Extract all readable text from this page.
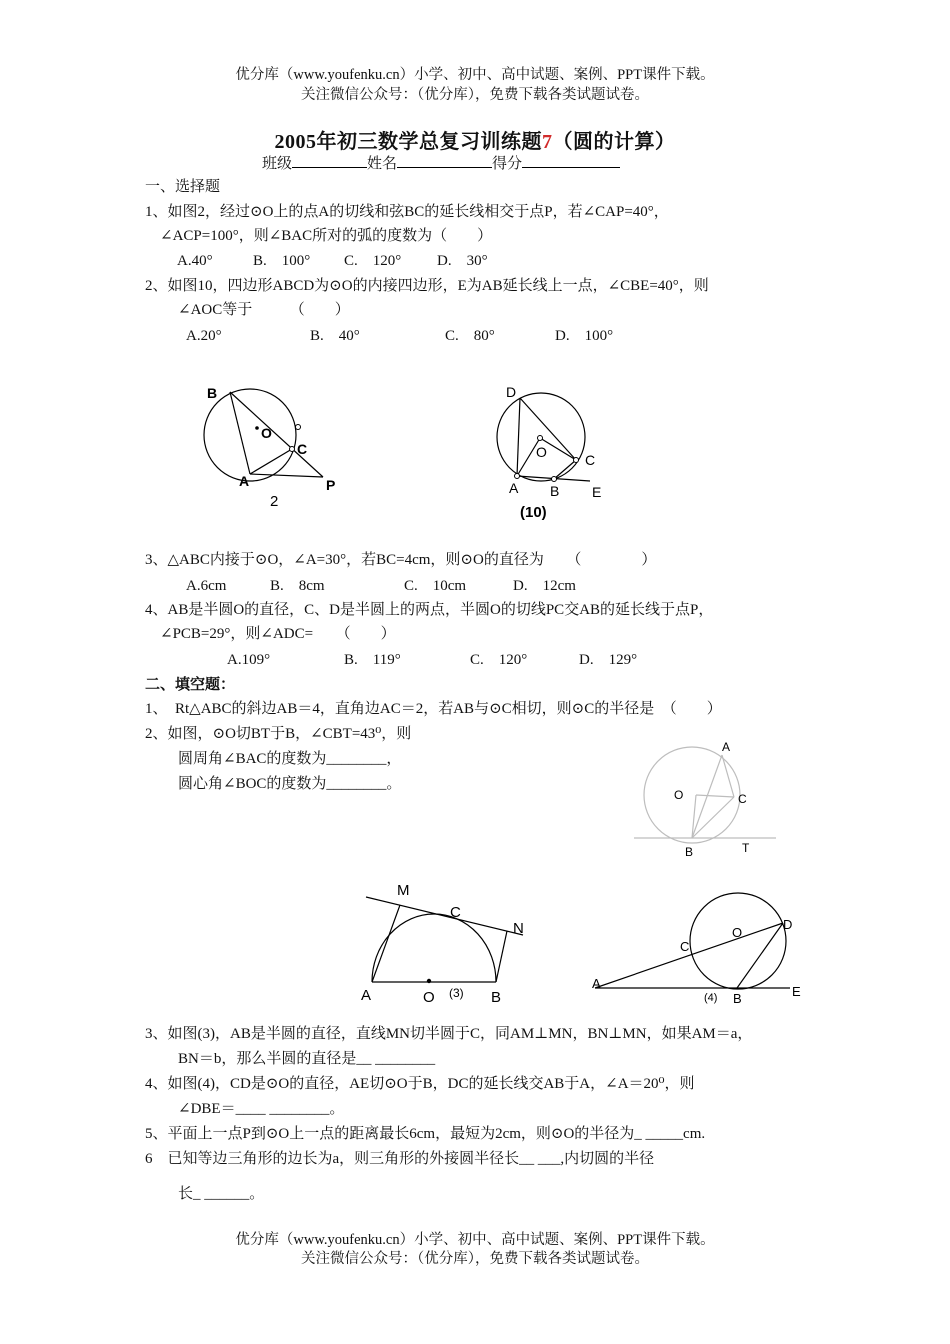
优分库（www.youfenku.cn）小学、初中、高中试题、案例、PPT课件下载。
关注微信公众号：（优分库），免费下载各类试题试卷。
2005年初三数学总复习训练题7（圆的计算）
班级	姓名	得分
一、选择题
1、如图2，经过⊙O上的点A的切线和弦BC的延长线相交于点P，若∠CAP=40°，
∠ACP=100°，则∠BAC所对的弧的度数为（　　）
A.40°	B.　100° C.　120° D.　30°
2、如图10，四边形ABCD为⊙O的内接四边形，E为AB延长线上一点，∠CBE=40°，则
∠AOC等于　　　（　　）
A.20°	B.　40°	C.　80°	D.　100°
B
O
C
A	P
2
D
O	C
A B E
(10)
3、△ABC内接于⊙O，∠A=30°，若BC=4cm，则⊙O的直径为　　（　　　　）
A.6cm	B.　8cm	C.　10cm	D.　12cm
4、AB是半圆O的直径，C、D是半圆上的两点，半圆O的切线PC交AB的延长线于点P，
∠PCB=29°，则∠ADC=　　（　　）
A.109°	B.　119°	C.　120°	D.　129°
二、填空题：
1、　Rt△ABC的斜边AB＝4，直角边AC＝2，若AB与⊙C相切，则⊙C的半径是　（　　）
2、如图，⊙O切BT于B，∠CBT=43⁰，则
圆周角∠BAC的度数为________，
圆心角∠BOC的度数为________。
A
O	C
B	T
M
C
N
A	O (3) B
O
D
C
A
(4) B	E
3、如图(3)，AB是半圆的直径，直线MN切半圆于C，同AM⊥MN，BN⊥MN，如果AM＝a，
BN＝b，那么半圆的直径是__ ________
4、如图(4)，CD是⊙O的直径，AE切⊙O于B，DC的延长线交AB于A，∠A＝20⁰，则
∠DBE＝____ ________。
5、平面上一点P到⊙O上一点的距离最长6cm，最短为2cm，则⊙O的半径为_ _____cm.
6　已知等边三角形的边长为a，则三角形的外接圆半径长__ ___,内切圆的半径
长_ ______。
优分库（www.youfenku.cn）小学、初中、高中试题、案例、PPT课件下载。
关注微信公众号：（优分库），免费下载各类试题试卷。
